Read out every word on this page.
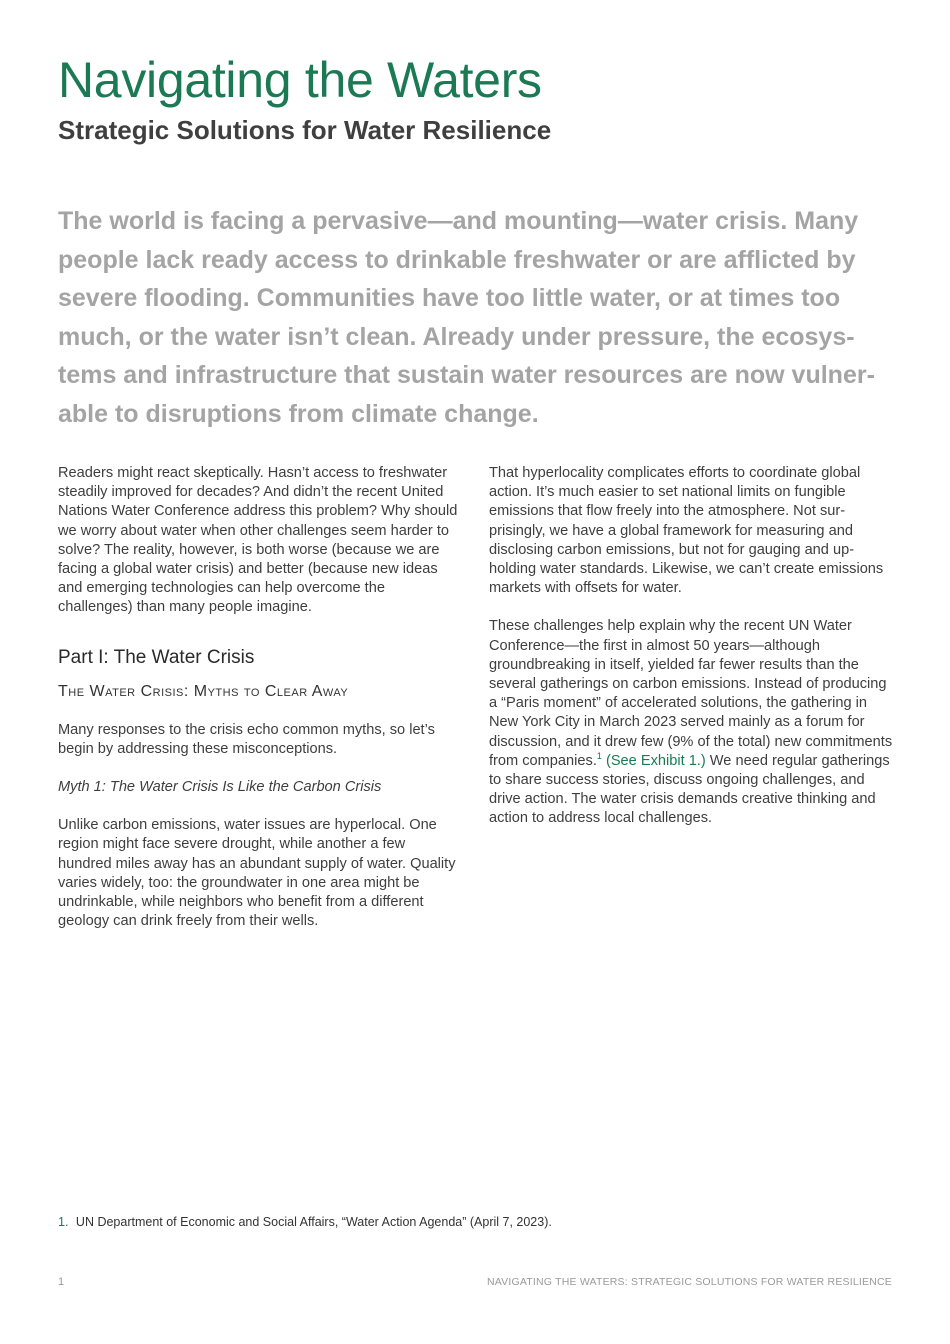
Navigating the Waters
Strategic Solutions for Water Resilience

The world is facing a pervasive—and mounting—water crisis. Many people lack ready access to drinkable freshwater or are afflicted by severe flooding. Communities have too little water, or at times too much, or the water isn’t clean. Already under pressure, the ecosystems and infrastructure that sustain water resources are now vulnerable to disruptions from climate change.

Readers might react skeptically. Hasn’t access to freshwater steadily improved for decades? And didn’t the recent United Nations Water Conference address this problem? Why should we worry about water when other challenges seem harder to solve? The reality, however, is both worse (because we are facing a global water crisis) and better (because new ideas and emerging technologies can help overcome the challenges) than many people imagine.

Part I: The Water Crisis
The Water Crisis: Myths to Clear Away

Many responses to the crisis echo common myths, so let’s begin by addressing these misconceptions.

Myth 1: The Water Crisis Is Like the Carbon Crisis

Unlike carbon emissions, water issues are hyperlocal. One region might face severe drought, while another a few hundred miles away has an abundant supply of water. Quality varies widely, too: the groundwater in one area might be undrinkable, while neighbors who benefit from a different geology can drink freely from their wells.

That hyperlocality complicates efforts to coordinate global action. It’s much easier to set national limits on fungible emissions that flow freely into the atmosphere. Not surprisingly, we have a global framework for measuring and disclosing carbon emissions, but not for gauging and upholding water standards. Likewise, we can’t create emissions markets with offsets for water.

These challenges help explain why the recent UN Water Conference—the first in almost 50 years—although groundbreaking in itself, yielded far fewer results than the several gatherings on carbon emissions. Instead of producing a “Paris moment” of accelerated solutions, the gathering in New York City in March 2023 served mainly as a forum for discussion, and it drew few (9% of the total) new commitments from companies.$^1$ (See Exhibit 1.) We need regular gatherings to share success stories, discuss ongoing challenges, and drive action. The water crisis demands creative thinking and action to address local challenges.

1. UN Department of Economic and Social Affairs, “Water Action Agenda” (April 7, 2023).
1	NAVIGATING THE WATERS: STRATEGIC SOLUTIONS FOR WATER RESILIENCE
